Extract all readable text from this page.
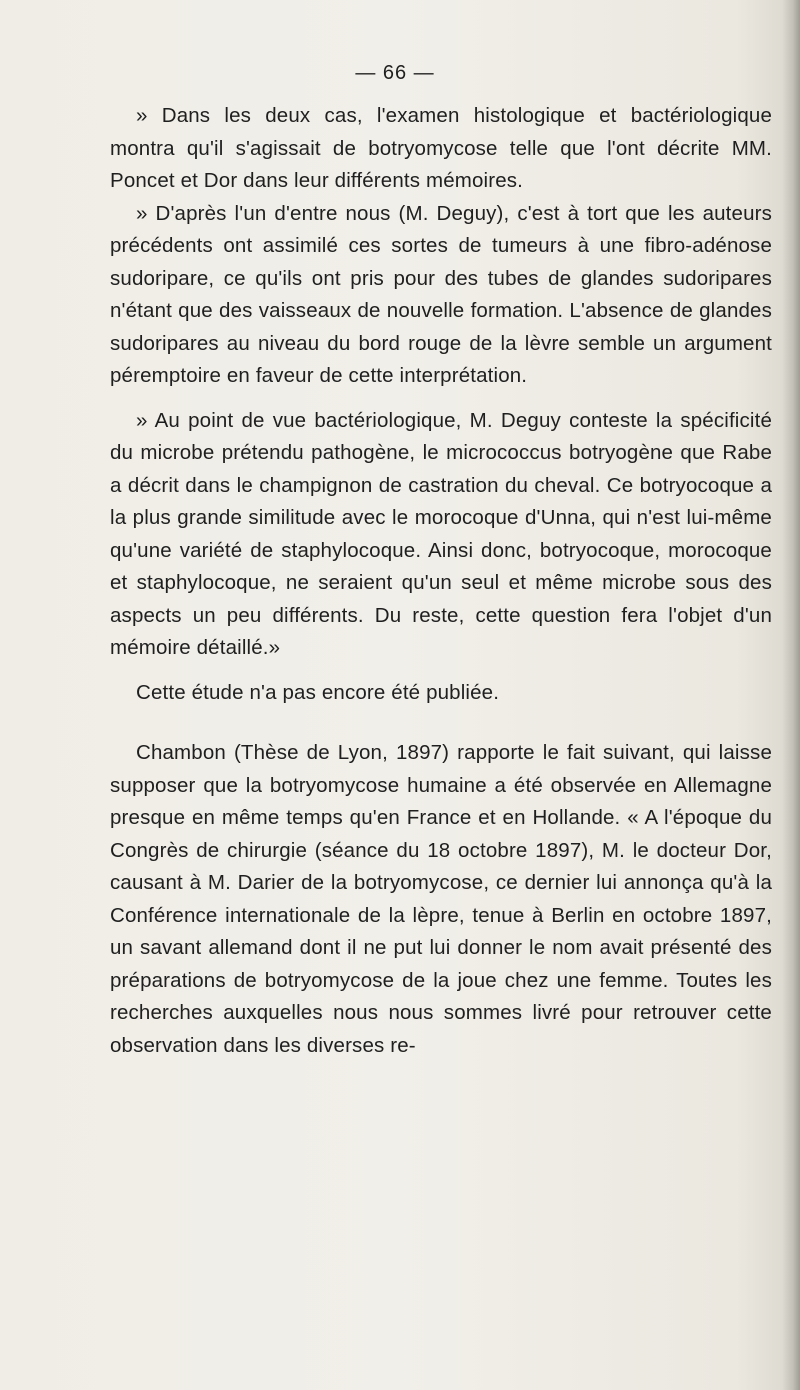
— 66 —

» Dans les deux cas, l'examen histologique et bactériologique montra qu'il s'agissait de botryomycose telle que l'ont décrite MM. Poncet et Dor dans leur différents mémoires.

» D'après l'un d'entre nous (M. Deguy), c'est à tort que les auteurs précédents ont assimilé ces sortes de tumeurs à une fibro-adénose sudoripare, ce qu'ils ont pris pour des tubes de glandes sudoripares n'étant que des vaisseaux de nouvelle formation. L'absence de glandes sudoripares au niveau du bord rouge de la lèvre semble un argument péremptoire en faveur de cette interprétation.

» Au point de vue bactériologique, M. Deguy conteste la spécificité du microbe prétendu pathogène, le micrococcus botryogène que Rabe a décrit dans le champignon de castration du cheval. Ce botryocoque a la plus grande similitude avec le morocoque d'Unna, qui n'est lui-même qu'une variété de staphylocoque. Ainsi donc, botryocoque, morocoque et staphylocoque, ne seraient qu'un seul et même microbe sous des aspects un peu différents. Du reste, cette question fera l'objet d'un mémoire détaillé.»

Cette étude n'a pas encore été publiée.

Chambon (Thèse de Lyon, 1897) rapporte le fait suivant, qui laisse supposer que la botryomycose humaine a été observée en Allemagne presque en même temps qu'en France et en Hollande. « A l'époque du Congrès de chirurgie (séance du 18 octobre 1897), M. le docteur Dor, causant à M. Darier de la botryomycose, ce dernier lui annonça qu'à la Conférence internationale de la lèpre, tenue à Berlin en octobre 1897, un savant allemand dont il ne put lui donner le nom avait présenté des préparations de botryomycose de la joue chez une femme. Toutes les recherches auxquelles nous nous sommes livré pour retrouver cette observation dans les diverses re-
